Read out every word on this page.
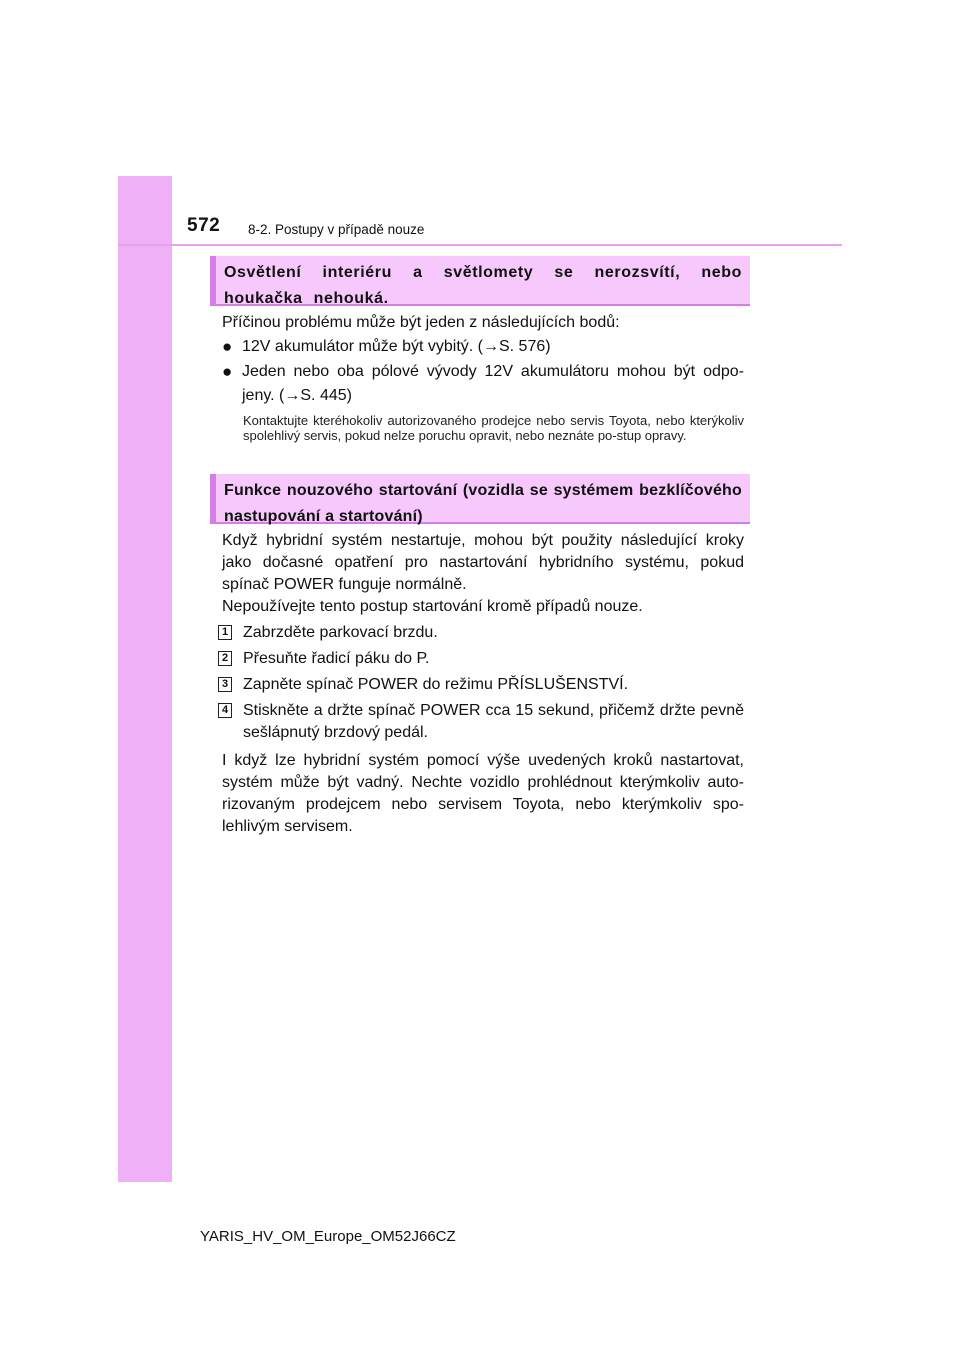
572 8-2. Postupy v případě nouze
Osvětlení interiéru a světlomety se nerozsvítí, nebo houkačka nehouká.
Příčinou problému může být jeden z následujících bodů:
● 12V akumulátor může být vybitý. (→S. 576)
● Jeden nebo oba pólové vývody 12V akumulátoru mohou být odpo-jeny. (→S. 445)
Kontaktujte kteréhokoliv autorizovaného prodejce nebo servis Toyota, nebo kterýkoliv spolehlivý servis, pokud nelze poruchu opravit, nebo neznáte po-stup opravy.
Funkce nouzového startování (vozidla se systémem bezklíčového nastupování a startování)
Když hybridní systém nestartuje, mohou být použity následující kroky jako dočasné opatření pro nastartování hybridního systému, pokud spínač POWER funguje normálně.
Nepoužívejte tento postup startování kromě případů nouze.
1 Zabrzděte parkovací brzdu.
2 Přesuňte řadicí páku do P.
3 Zapněte spínač POWER do režimu PŘÍSLUŠENSTVÍ.
4 Stiskněte a držte spínač POWER cca 15 sekund, přičemž držte pevně sešlápnutý brzdový pedál.
I když lze hybridní systém pomocí výše uvedených kroků nastartovat, systém může být vadný. Nechte vozidlo prohlédnout kterýmkoliv auto-rizovaným prodejcem nebo servisem Toyota, nebo kterýmkoliv spo-lehlivým servisem.
YARIS_HV_OM_Europe_OM52J66CZ
